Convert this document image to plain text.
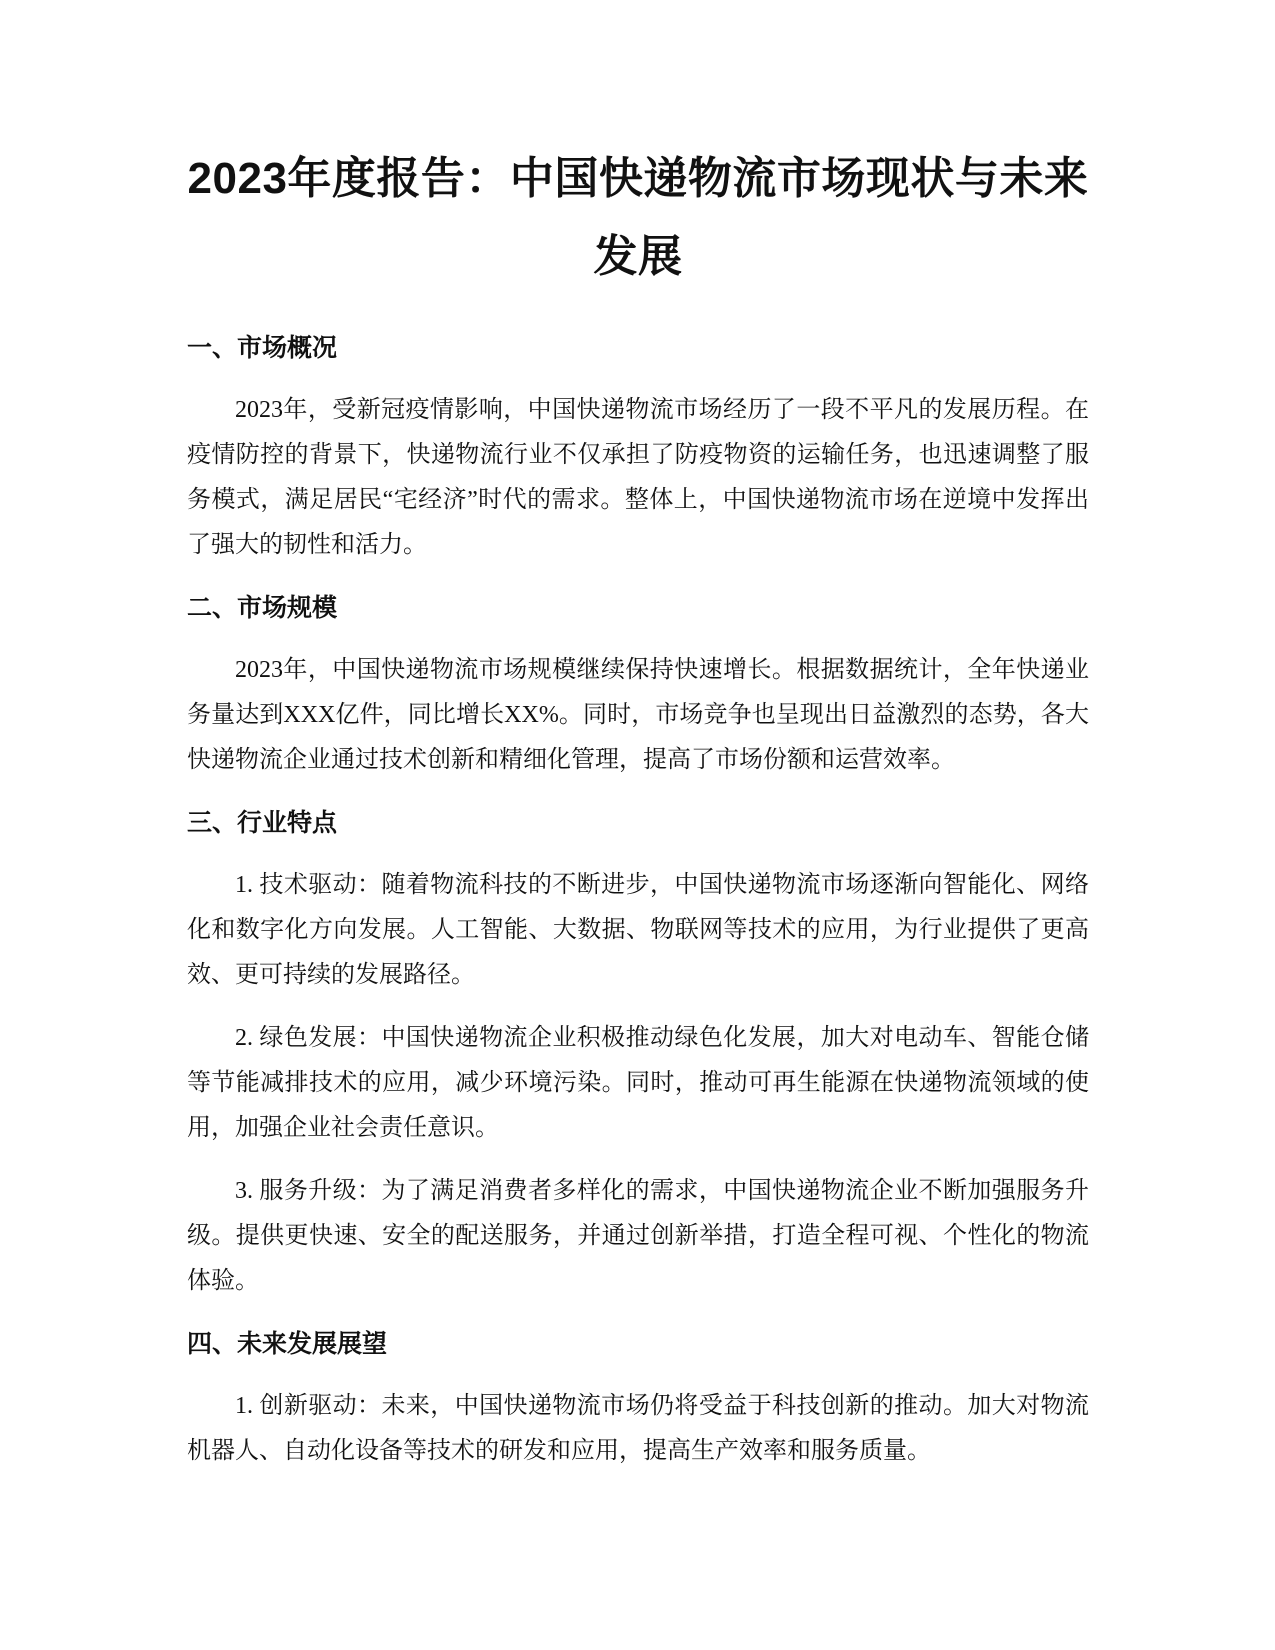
2023年度报告：中国快递物流市场现状与未来发展
一、市场概况

2023年，受新冠疫情影响，中国快递物流市场经历了一段不平凡的发展历程。在疫情防控的背景下，快递物流行业不仅承担了防疫物资的运输任务，也迅速调整了服务模式，满足居民“宅经济”时代的需求。整体上，中国快递物流市场在逆境中发挥出了强大的韧性和活力。

二、市场规模

2023年，中国快递物流市场规模继续保持快速增长。根据数据统计，全年快递业务量达到XXX亿件，同比增长XX%。同时，市场竞争也呈现出日益激烈的态势，各大快递物流企业通过技术创新和精细化管理，提高了市场份额和运营效率。

三、行业特点

1. 技术驱动：随着物流科技的不断进步，中国快递物流市场逐渐向智能化、网络化和数字化方向发展。人工智能、大数据、物联网等技术的应用，为行业提供了更高效、更可持续的发展路径。

2. 绿色发展：中国快递物流企业积极推动绿色化发展，加大对电动车、智能仓储等节能减排技术的应用，减少环境污染。同时，推动可再生能源在快递物流领域的使用，加强企业社会责任意识。

3. 服务升级：为了满足消费者多样化的需求，中国快递物流企业不断加强服务升级。提供更快速、安全的配送服务，并通过创新举措，打造全程可视、个性化的物流体验。

四、未来发展展望

1. 创新驱动：未来，中国快递物流市场仍将受益于科技创新的推动。加大对物流机器人、自动化设备等技术的研发和应用，提高生产效率和服务质量。
